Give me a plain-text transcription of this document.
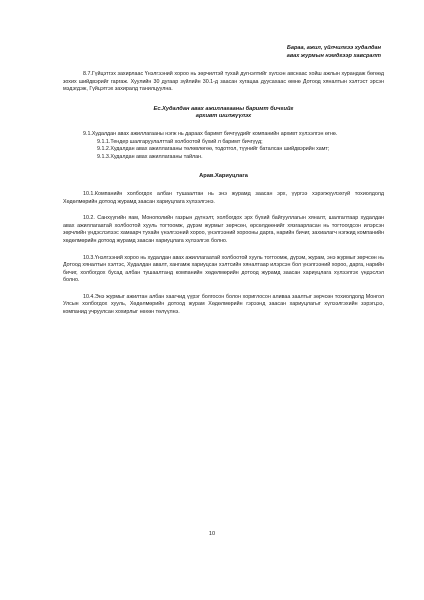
Бараа, ажил, үйлчилгээ худалдан
авах журмын нэмдгээр хавсралт

8.7.Гүйцэтгэх захирлаас Үнэлгээний хороо нь зөрчилтэй тухай дүгнэлтийг хүлээн авснаас хойш ажлын хурандаж бөгөөд зохих шийдвэрийг гаргаж. Хуулийн 30 дугаар зүйлийн 30.1-д заасан хугацаа дуусахаас өмнө Дотоод хяналтын хэлтэст эрсэн мэдэгдэж, Гүйцэтгэх захиралд танилцуулна.

Ес.Худалдан авах ажиллагааны баримт бичгийг

архивт шилжүүлэх

9.1.Худалдан авах ажиллагааны нэгж нь дараах баримт бичгүүдийг компанийн архивт хүлээлгэн өгнө.

9.1.1.Тендер шалгаруулалттай холбоотой бүхий л баримт бичгүүд;

9.1.2.Худалдан авах ажиллагааны төлөвлөгөө, тодотгол, түүнийг баталсан шийдвэрийн хамт;

9.1.3.Худалдан авах ажиллагааны тайлан.

Арав.Хариуцлага

10.1.Компанийн холбогдох албан тушаалтан нь энэ журамд заасан эрх, үүргээ хэрэгжүүлэхгүй тохиолдолд Хөдөлмөрийн дотоод журамд заасан хариуцлага хүлээлгэнэ.

10.2. Санхүүгийн яам, Монополийн газрын дүгнэлт, холбогдох эрх бүхий байгууллагын хяналт, шалгалтаар худалдан авах ажиллагаатай холбоотой хууль тогтоомж, дүрэм журмыг зөрчсөн, өрсөлдөөнийг хязгаарласан нь тогтоогдсон илэрсэн зөрчлийн үндэслэлээс хамаарч тухайн үнэлгээний хороо, үнэлгээний хорооны дарга, нарийн бичиг, захиалагч нэгжид компанийн хөдөлмөрийн дотоод журамд заасан хариуцлага хүлээлгэх болно.

10.3.Үнэлгээний хороо нь худалдан авах ажиллагаатай холбоотой хууль тогтоомж, дүрэм, журам, энэ журмыг зөрчсөн нь Дотоод хяналтын хэлтэс, Худалдан авалт, хангамж хариуцсан хэлтсийн хяналтаар илэрсэн бол үнэлгээний хороо, дарга, нарийн бичиг, холбогдох бусад албан тушаалтанд компанийн хөдөлмөрийн дотоод журамд заасан хариуцлага хүлээлгэх үндэслэл болно.

10.4.Энэ журмыг ажилтан албан хаагчид үүрэг болгосон болон хориглосон аливаа заалтыг зөрчсөн тохиолдолд Монгол Улсын холбогдох хууль, Хөдөлмөрийн дотоод журам Хөдөлмөрийн гэрээнд заасан хариуцлагыг хүлээлгэхийн зэрэгцээ, компанид учруулсан хохирлыг нөхөн төлүүлнэ.

10
